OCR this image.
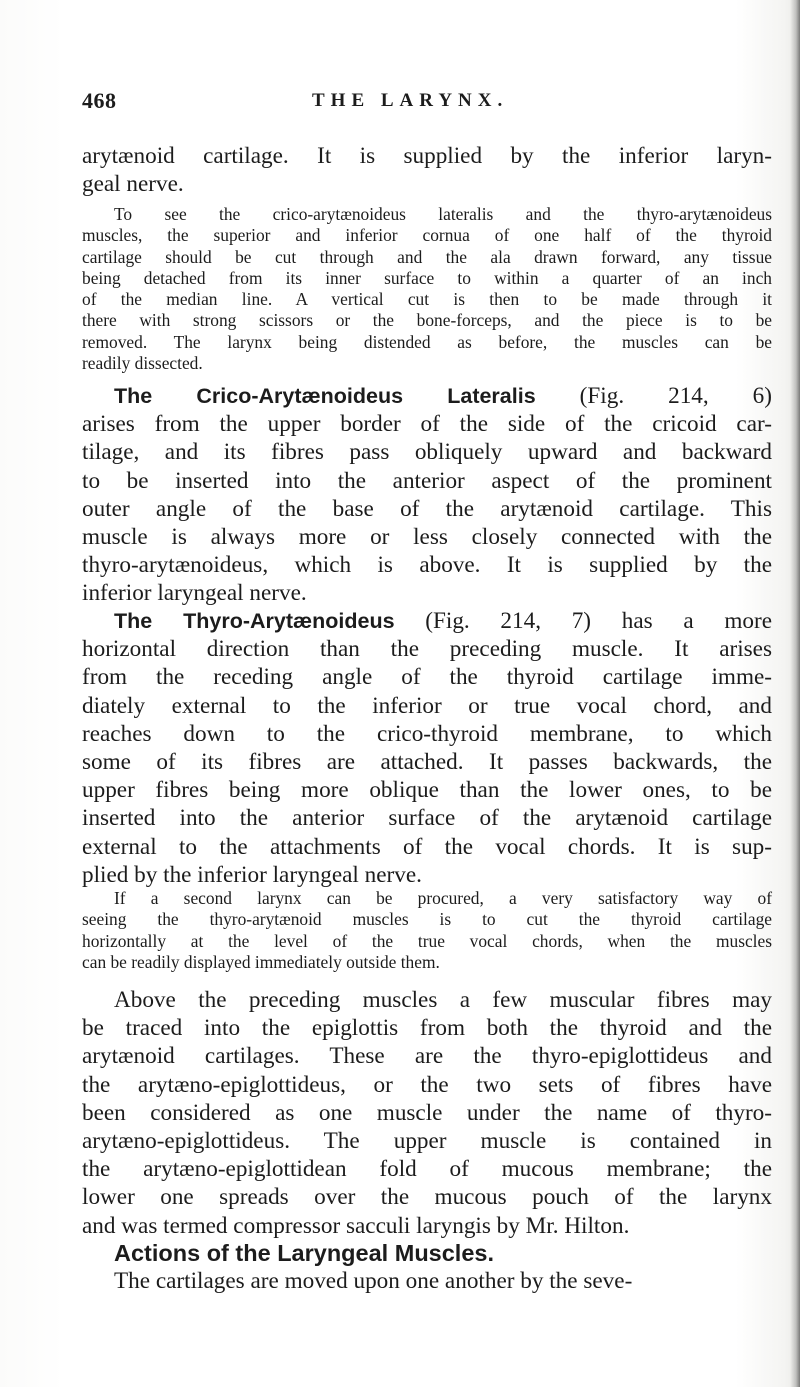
468	THE LARYNX.
arytænoid cartilage. It is supplied by the inferior laryn-
geal nerve.
To see the crico-arytænoideus lateralis and the thyro-arytænoideus
muscles, the superior and inferior cornua of one half of the thyroid
cartilage should be cut through and the ala drawn forward, any tissue
being detached from its inner surface to within a quarter of an inch
of the median line. A vertical cut is then to be made through it
there with strong scissors or the bone-forceps, and the piece is to be
removed. The larynx being distended as before, the muscles can be
readily dissected.
The Crico-Arytænoideus Lateralis (Fig. 214, 6)
arises from the upper border of the side of the cricoid car-
tilage, and its fibres pass obliquely upward and backward
to be inserted into the anterior aspect of the prominent
outer angle of the base of the arytænoid cartilage. This
muscle is always more or less closely connected with the
thyro-arytænoideus, which is above. It is supplied by the
inferior laryngeal nerve.
The Thyro-Arytænoideus (Fig. 214, 7) has a more
horizontal direction than the preceding muscle. It arises
from the receding angle of the thyroid cartilage imme-
diately external to the inferior or true vocal chord, and
reaches down to the crico-thyroid membrane, to which
some of its fibres are attached. It passes backwards, the
upper fibres being more oblique than the lower ones, to be
inserted into the anterior surface of the arytænoid cartilage
external to the attachments of the vocal chords. It is sup-
plied by the inferior laryngeal nerve.
If a second larynx can be procured, a very satisfactory way of
seeing the thyro-arytænoid muscles is to cut the thyroid cartilage
horizontally at the level of the true vocal chords, when the muscles
can be readily displayed immediately outside them.
Above the preceding muscles a few muscular fibres may
be traced into the epiglottis from both the thyroid and the
arytænoid cartilages. These are the thyro-epiglottideus and
the arytæno-epiglottideus, or the two sets of fibres have
been considered as one muscle under the name of thyro-
arytæno-epiglottideus. The upper muscle is contained in
the arytæno-epiglottidean fold of mucous membrane; the
lower one spreads over the mucous pouch of the larynx
and was termed compressor sacculi laryngis by Mr. Hilton.
Actions of the Laryngeal Muscles.
The cartilages are moved upon one another by the seve-
